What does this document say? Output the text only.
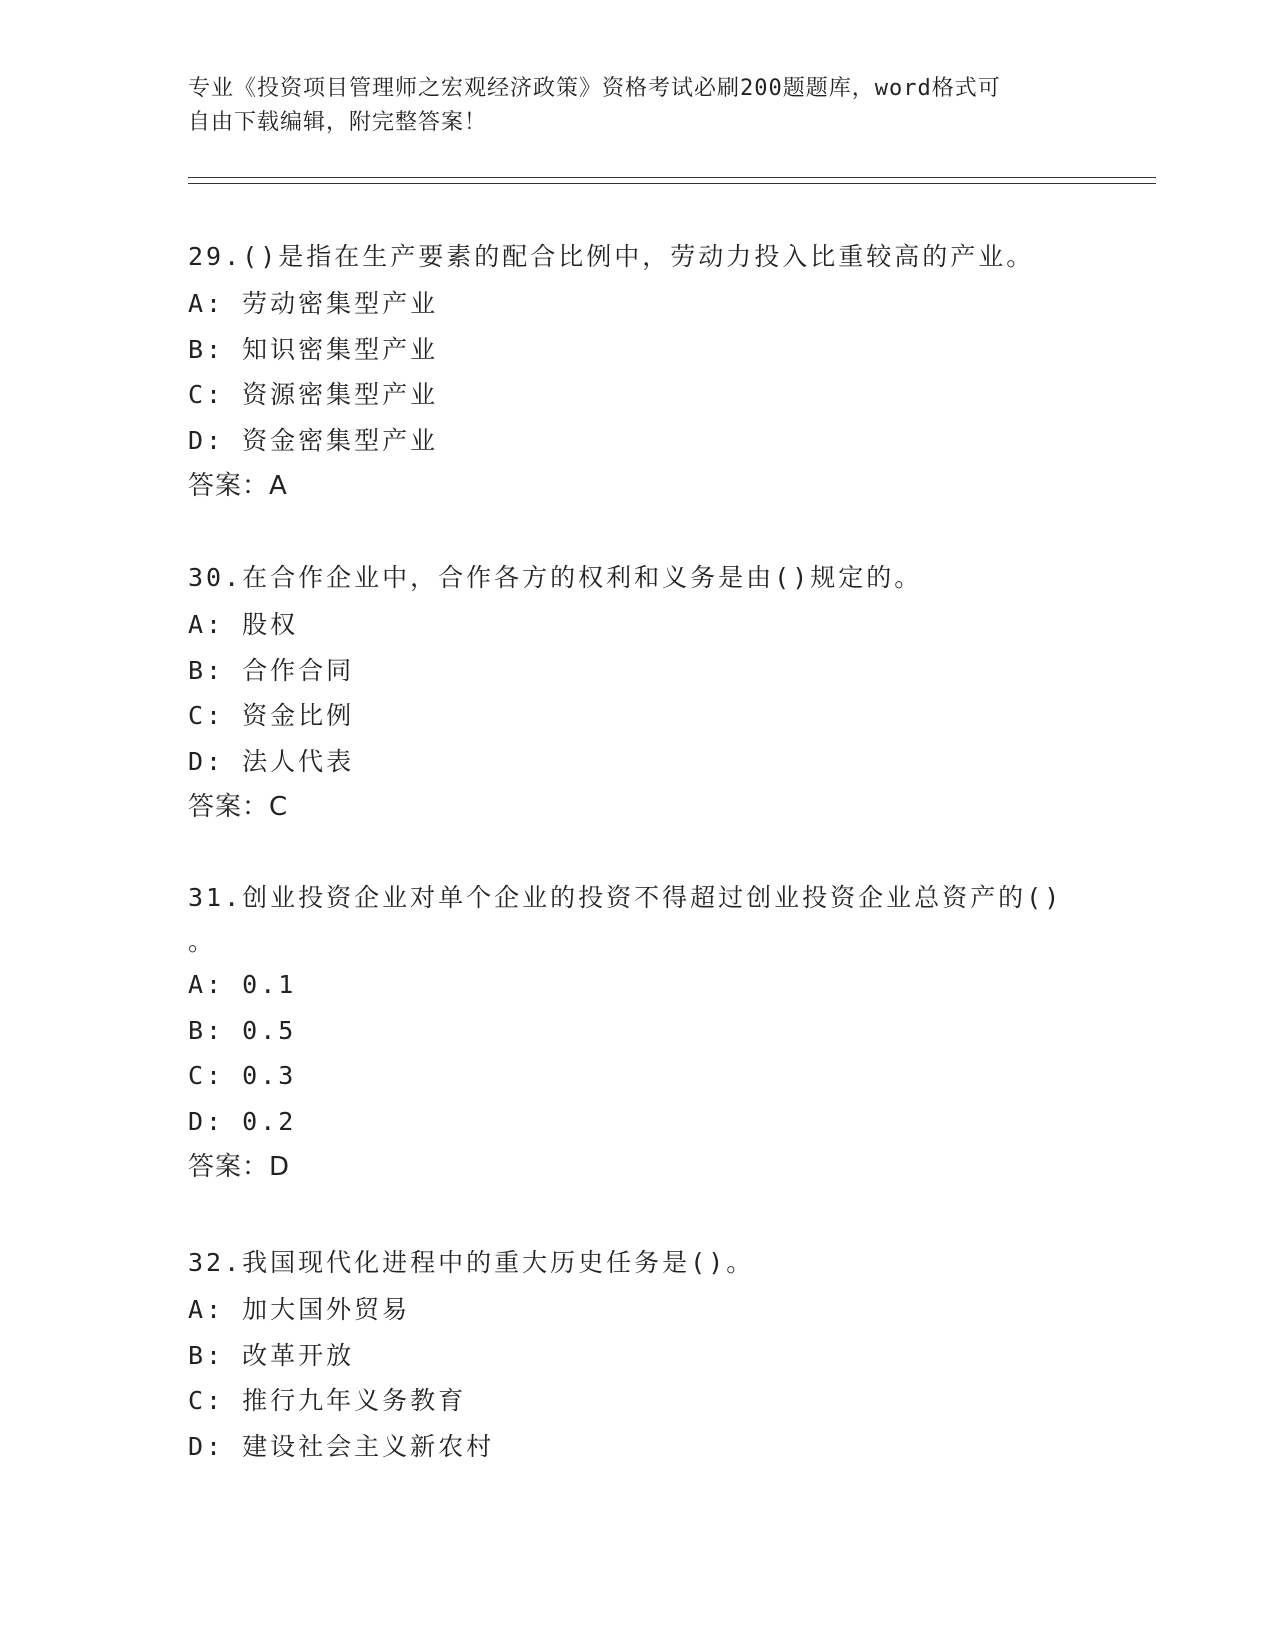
专业《投资项目管理师之宏观经济政策》资格考试必刷200题题库，word格式可
自由下载编辑，附完整答案！
29.()是指在生产要素的配合比例中，劳动力投入比重较高的产业。
A: 劳动密集型产业
B: 知识密集型产业
C: 资源密集型产业
D: 资金密集型产业
答案：A
30.在合作企业中，合作各方的权利和义务是由()规定的。
A: 股权
B: 合作合同
C: 资金比例
D: 法人代表
答案：C
31.创业投资企业对单个企业的投资不得超过创业投资企业总资产的()
。
A: 0.1
B: 0.5
C: 0.3
D: 0.2
答案：D
32.我国现代化进程中的重大历史任务是()。
A: 加大国外贸易
B: 改革开放
C: 推行九年义务教育
D: 建设社会主义新农村
